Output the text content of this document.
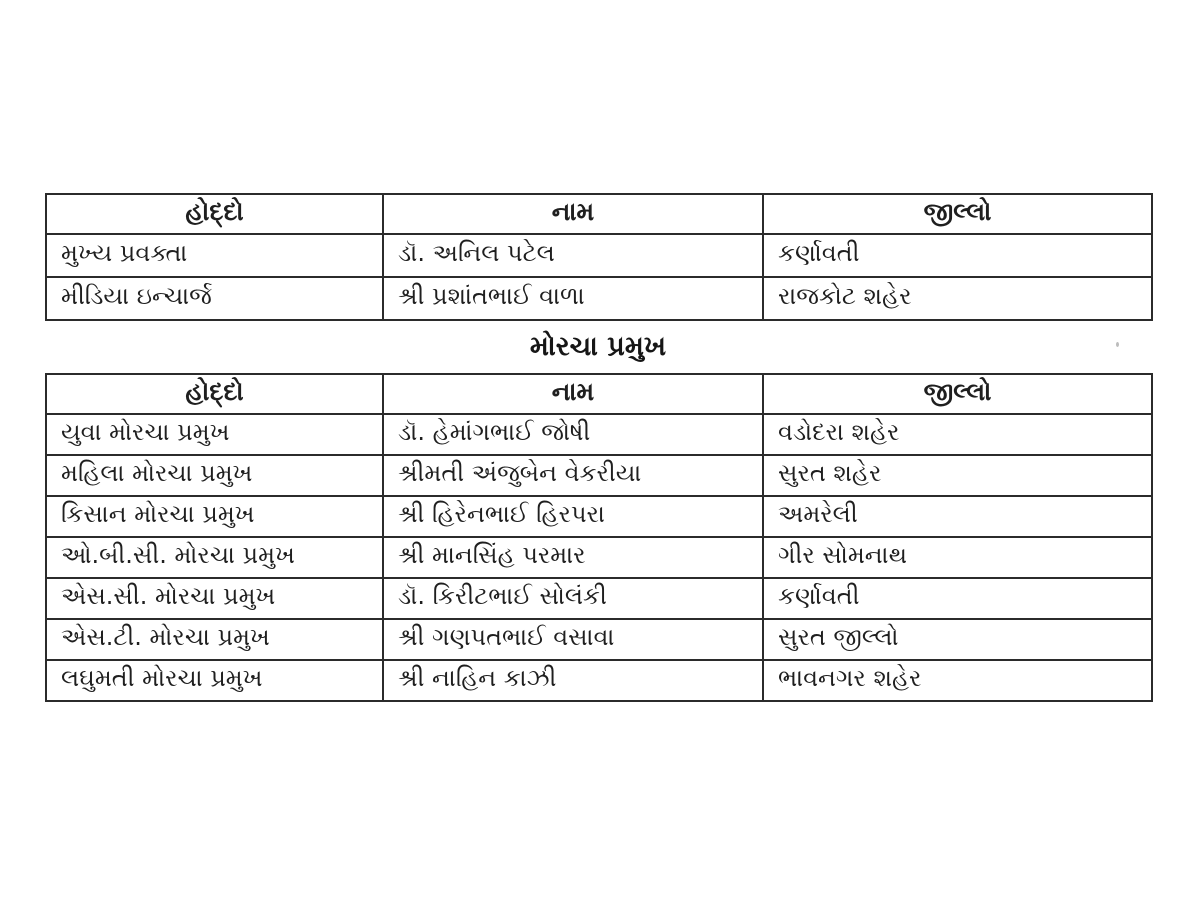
હોદ્દો	નામ	જીલ્લો
મુખ્ય પ્રવક્તા	ડૉ. અનિલ પટેલ	કર્ણાવતી
મીડિયા ઇન્ચાર્જ	શ્રી પ્રશાંતભાઈ વાળા	રાજકોટ શહેર
મોરચા પ્રમુખ
હોદ્દો	નામ	જીલ્લો
યુવા મોરચા પ્રમુખ	ડૉ. હેમાંગભાઈ જોષી	વડોદરા શહેર
મહિલા મોરચા પ્રમુખ	શ્રીમતી અંજુબેન વેકરીયા	સુરત શહેર
કિસાન મોરચા પ્રમુખ	શ્રી હિરેનભાઈ હિરપરા	અમરેલી
ઓ.બી.સી. મોરચા પ્રમુખ	શ્રી માનસિંહ પરમાર	ગીર સોમનાથ
એસ.સી. મોરચા પ્રમુખ	ડૉ. કિરીટભાઈ સોલંકી	કર્ણાવતી
એસ.ટી. મોરચા પ્રમુખ	શ્રી ગણપતભાઈ વસાવા	સુરત જીલ્લો
લઘુમતી મોરચા પ્રમુખ	શ્રી નાહિન કાઝી	ભાવનગર શહેર
